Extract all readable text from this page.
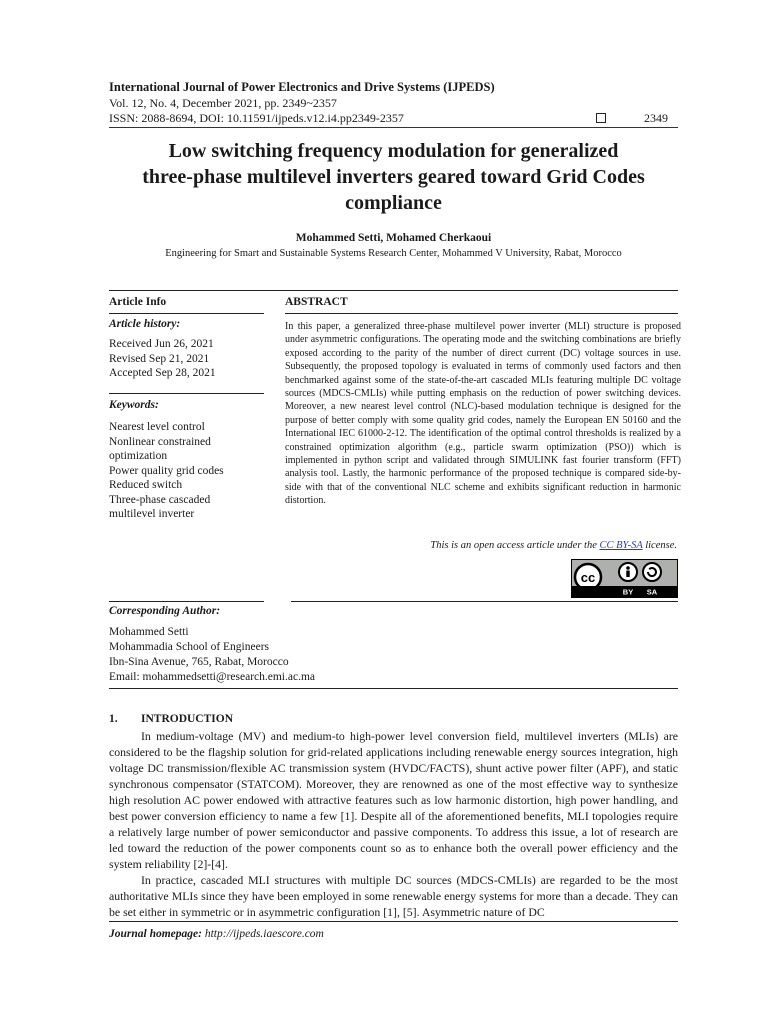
International Journal of Power Electronics and Drive Systems (IJPEDS)
Vol. 12, No. 4, December 2021, pp. 2349~2357
ISSN: 2088-8694, DOI: 10.11591/ijpeds.v12.i4.pp2349-2357	2349
Low switching frequency modulation for generalized
three-phase multilevel inverters geared toward Grid Codes
compliance
Mohammed Setti, Mohamed Cherkaoui
Engineering for Smart and Sustainable Systems Research Center, Mohammed V University, Rabat, Morocco
Article Info	ABSTRACT
Article history:
Received Jun 26, 2021
Revised Sep 21, 2021
Accepted Sep 28, 2021
Keywords:
Nearest level control
Nonlinear constrained
optimization
Power quality grid codes
Reduced switch
Three-phase cascaded
multilevel inverter

In this paper, a generalized three-phase multilevel power inverter (MLI) structure is proposed under asymmetric configurations. The operating mode and the switching combinations are briefly exposed according to the parity of the number of direct current (DC) voltage sources in use. Subsequently, the proposed topology is evaluated in terms of commonly used factors and then benchmarked against some of the state-of-the-art cascaded MLIs featuring multiple DC voltage sources (MDCS-CMLIs) while putting emphasis on the reduction of power switching devices. Moreover, a new nearest level control (NLC)-based modulation technique is designed for the purpose of better comply with some quality grid codes, namely the European EN 50160 and the International IEC 61000-2-12. The identification of the optimal control thresholds is realized by a constrained optimization algorithm (e.g., particle swarm optimization (PSO)) which is implemented in python script and validated through SIMULINK fast fourier transform (FFT) analysis tool. Lastly, the harmonic performance of the proposed technique is compared side-by-side with that of the conventional NLC scheme and exhibits significant reduction in harmonic distortion.

This is an open access article under the CC BY-SA license.
cc
BY SA
Corresponding Author:
Mohammed Setti
Mohammadia School of Engineers
Ibn-Sina Avenue, 765, Rabat, Morocco
Email: mohammedsetti@research.emi.ac.ma
1. INTRODUCTION

In medium-voltage (MV) and medium-to high-power level conversion field, multilevel inverters (MLIs) are considered to be the flagship solution for grid-related applications including renewable energy sources integration, high voltage DC transmission/flexible AC transmission system (HVDC/FACTS), shunt active power filter (APF), and static synchronous compensator (STATCOM). Moreover, they are renowned as one of the most effective way to synthesize high resolution AC power endowed with attractive features such as low harmonic distortion, high power handling, and best power conversion efficiency to name a few [1]. Despite all of the aforementioned benefits, MLI topologies require a relatively large number of power semiconductor and passive components. To address this issue, a lot of research are led toward the reduction of the power components count so as to enhance both the overall power efficiency and the system reliability [2]-[4].

In practice, cascaded MLI structures with multiple DC sources (MDCS-CMLIs) are regarded to be the most authoritative MLIs since they have been employed in some renewable energy systems for more than a decade. They can be set either in symmetric or in asymmetric configuration [1], [5]. Asymmetric nature of DC

Journal homepage: http://ijpeds.iaescore.com
